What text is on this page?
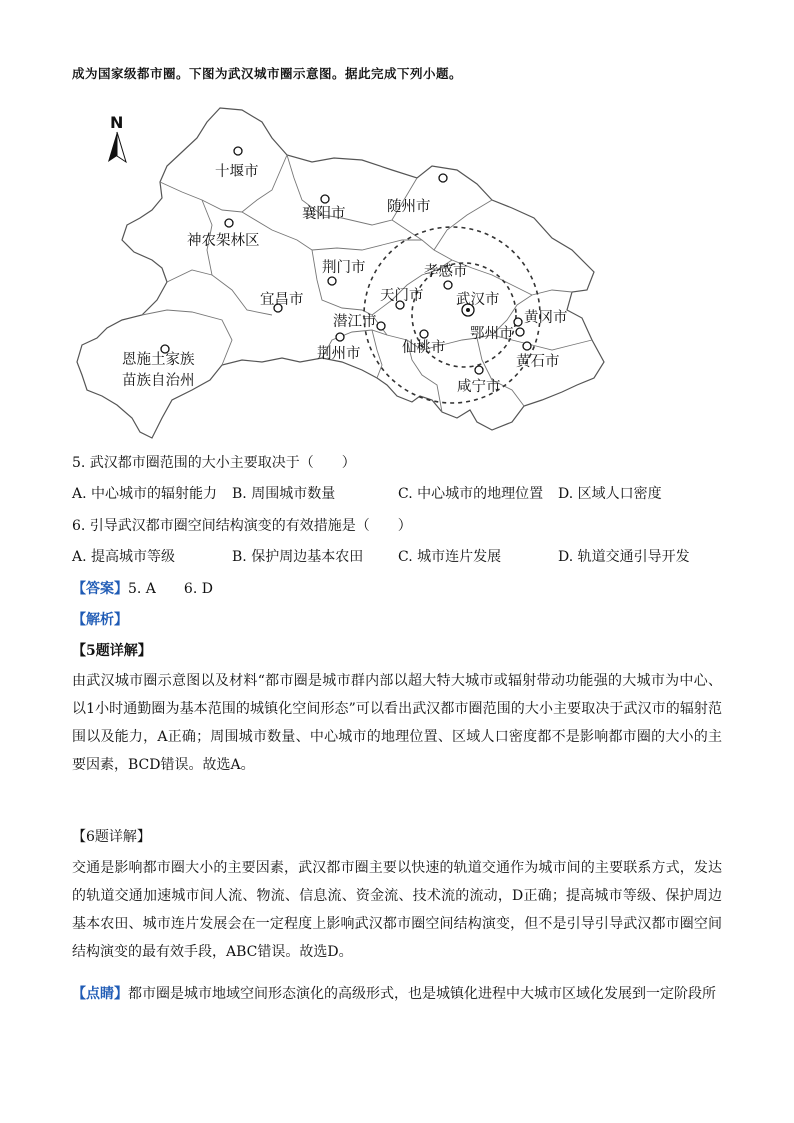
成为国家级都市圈。下图为武汉城市圈示意图。据此完成下列小题。
N
十堰市
襄阳市	随州市
神农架林区
荆门市	孝感市
宜昌市	天门市 武汉市
黄冈市
潜江市
鄂州市
仙桃市
荆州市	黄石市
恩施土家族
苗族自治州	咸宁市
5. 武汉都市圈范围的大小主要取决于（　　）
A. 中心城市的辐射能力 B. 周围城市数量	C. 中心城市的地理位置 D. 区域人口密度
6. 引导武汉都市圈空间结构演变的有效措施是（　　）
A. 提高城市等级	B. 保护周边基本农田 C. 城市连片发展	D. 轨道交通引导开发
【答案】5. A　　6. D
【解析】
【5题详解】
由武汉城市圈示意图以及材料“都市圈是城市群内部以超大特大城市或辐射带动功能强的大城市为中心、以1小时通勤圈为基本范围的城镇化空间形态”可以看出武汉都市圈范围的大小主要取决于武汉市的辐射范围以及能力，A正确；周围城市数量、中心城市的地理位置、区域人口密度都不是影响都市圈的大小的主要因素，BCD错误。故选A。
【6题详解】
交通是影响都市圈大小的主要因素，武汉都市圈主要以快速的轨道交通作为城市间的主要联系方式，发达的轨道交通加速城市间人流、物流、信息流、资金流、技术流的流动，D正确；提高城市等级、保护周边基本农田、城市连片发展会在一定程度上影响武汉都市圈空间结构演变，但不是引导引导武汉都市圈空间结构演变的最有效手段，ABC错误。故选D。
【点睛】都市圈是城市地域空间形态演化的高级形式，也是城镇化进程中大城市区域化发展到一定阶段所
